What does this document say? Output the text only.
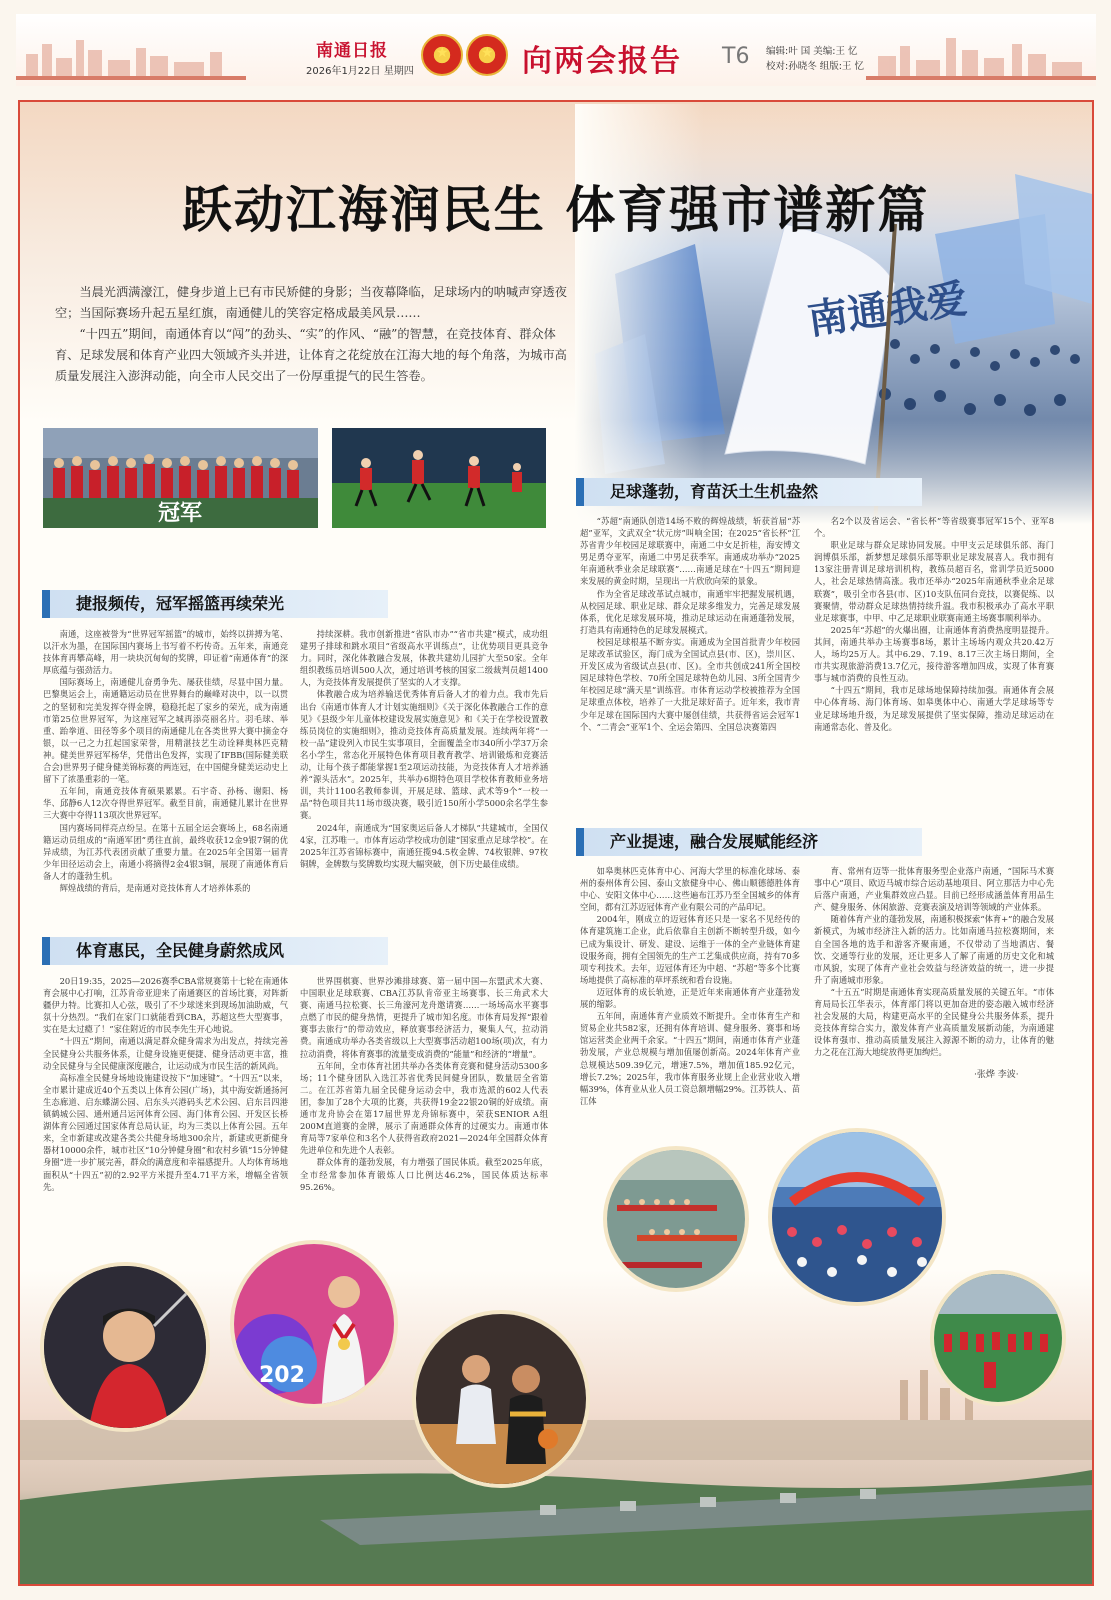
南通日报
2026年1月22日 星期四
★ ★ 向两会报告 T6 编辑:叶 国 美编:王 忆
校对:孙晓冬 组版:王 忆
跃动江海润民生 体育强市谱新篇

当晨光洒满濠江，健身步道上已有市民矫健的身影；当夜幕降临，足球场内的呐喊声穿透夜空；当国际赛场升起五星红旗，南通健儿的笑容定格成最美风景……

“十四五”期间，南通体育以“闯”的劲头、“实”的作风、“融”的智慧，在竞技体育、群众体育、足球发展和体育产业四大领域齐头并进，让体育之花绽放在江海大地的每个角落，为城市高质量发展注入澎湃动能，向全市人民交出了一份厚重提气的民生答卷。

冠军
捷报频传，冠军摇篮再续荣光

南通，这座被誉为“世界冠军摇篮”的城市，始终以拼搏为笔、以汗水为墨，在国际国内赛场上书写着不朽传奇。五年来，南通竞技体育再攀高峰，用一块块沉甸甸的奖牌，印证着“南通体育”的深厚底蕴与强劲活力。

国际赛场上，南通健儿奋勇争先、屡获佳绩，尽显中国力量。巴黎奥运会上，南通籍运动员在世界舞台的巅峰对决中，以一以贯之的坚韧和完美发挥夺得金牌，稳稳托起了家乡的荣光，成为南通市第25位世界冠军，为这座冠军之城再添亮丽名片。羽毛球、举重、跆拳道、田径等多个项目的南通健儿在各类世界大赛中摘金夺银，以一己之力扛起国家荣誉，用精湛技艺生动诠释奥林匹克精神。健美世界冠军杨华，凭借出色发挥，实现了IFBB(国际健美联合会)世界男子健身健美锦标赛的两连冠，在中国健身健美运动史上留下了浓墨重彩的一笔。

五年间，南通竞技体育硕果累累。石宇奇、孙杨、谢阳、杨华、邱静6人12次夺得世界冠军。截至目前，南通健儿累计在世界三大赛中夺得113项次世界冠军。

国内赛场同样亮点纷呈。在第十五届全运会赛场上，68名南通籍运动员组成的“南通军团”勇往直前，最终收获12金9银7铜的优异成绩，为江苏代表团贡献了重要力量。在2025年全国第一届青少年田径运动会上，南通小将摘得2金4银3铜，展现了南通体育后备人才的蓬勃生机。

辉煌战绩的背后，是南通对竞技体育人才培养体系的

持续深耕。我市创新推进“省队市办”“省市共建”模式，成功组建男子排球和跳水项目“省级高水平训练点”，让优势项目更具竞争力。同时，深化体教融合发展，体教共建幼儿园扩大至50家。全年组织教练员培训500人次，通过培训考核的国家二级裁判员超1400人，为竞技体育发展提供了坚实的人才支撑。

体教融合成为培养输送优秀体育后备人才的着力点。我市先后出台《南通市体育人才计划实施细则》《关于深化体教融合工作的意见》《县级少年儿童体校建设发展实施意见》和《关于在学校设置教练员岗位的实施细则》，推动竞技体育高质量发展。连续两年将“一校一品”建设列入市民生实事项目，全面覆盖全市340所小学37万余名小学生，常态化开展特色体育项目教育教学、培训锻炼和竞赛活动，让每个孩子都能掌握1至2项运动技能，为竞技体育人才培养涵养“源头活水”。2025年，共举办6期特色项目学校体育教师业务培训，共计1100名教师参训，开展足球、篮球、武术等9个“一校一品”特色项目共11场市级决赛，吸引近150所小学5000余名学生参赛。

2024年，南通成为“国家奥运后备人才梯队”共建城市，全国仅4家，江苏唯一。市体育运动学校成功创建“国家重点足球学校”。在2025年江苏省锦标赛中，南通狂揽94.5枚金牌、74枚银牌、97枚铜牌，金牌数与奖牌数均实现大幅突破，创下历史最佳成绩。

体育惠民，全民健身蔚然成风

20日19:35，2025—2026赛季CBA常规赛第十七轮在南通体育会展中心打响，江苏肯帝亚迎来了南通赛区的首场比赛，对阵新疆伊力特。比赛扣人心弦，吸引了不少球迷来到现场加油助威，气氛十分热烈。“我们在家门口就能看到CBA，苏超这些大型赛事，实在是太过瘾了！”家住附近的市民李先生开心地说。

“十四五”期间，南通以满足群众健身需求为出发点，持续完善全民健身公共服务体系，让健身设施更便捷、健身活动更丰富，推动全民健身与全民健康深度融合，让运动成为市民生活的新风尚。

高标准全民健身场地设施建设按下“加速键”。“十四五”以来，全市累计建成近40个五类以上体育公园(广场)，其中海安新通扬河生态廊道、启东蝶湖公园、启东头兴港码头艺术公园、启东吕四港镇鹤城公园、通州通吕运河体育公园、海门体育公园、开发区长桥湖体育公园通过国家体育总局认证，均为三类以上体育公园。五年来，全市新建或改建各类公共健身场地300余片，新建或更新健身器材10000余件，城市社区“10分钟健身圈”和农村乡镇“15分钟健身圈”进一步扩展完善，群众的满意度和幸福感提升。人均体育场地面积从“十四五”初的2.92平方米提升至4.71平方米，增幅全省领先。

世界围棋赛、世界沙滩排球赛、第一届中国—东盟武术大赛、中国职业足球联赛、CBA江苏队肯帝亚主场赛事、长三角武术大赛、南通马拉松赛、长三角濠河龙舟邀请赛……一场场高水平赛事点燃了市民的健身热情，更提升了城市知名度。市体育局发挥“跟着赛事去旅行”的带动效应，释放赛事经济活力，聚集人气，拉动消费。南通成功举办各类省级以上大型赛事活动超100场(项)次，有力拉动消费，将体育赛事的流量变成消费的“能量”和经济的“增量”。

五年间，全市体育社团共举办各类体育竞赛和健身活动5300多场；11个健身团队入选江苏省优秀民间健身团队，数量居全省第二。在江苏省第九届全民健身运动会中，我市选派的602人代表团，参加了28个大项的比赛，共获得19金22银20铜的好成绩。南通市龙舟协会在第17届世界龙舟锦标赛中，荣获SENIOR A组200M直道赛的金牌，展示了南通群众体育的过硬实力。南通市体育局等7家单位和3名个人获得省政府2021—2024年全国群众体育先进单位和先进个人表彰。

群众体育的蓬勃发展，有力增强了国民体质。截至2025年底，全市经常参加体育锻炼人口比例达46.2%，国民体质达标率95.26%。

足球蓬勃，育苗沃土生机盎然

“苏超”南通队创造14场不败的辉煌战绩，斩获首届“苏超”亚军，文武双全“状元房”叫响全国；在2025“省长杯”江苏省青少年校园足球联赛中，南通二中女足折桂，海安博文男足勇夺亚军，南通二中男足获季军。南通成功举办“2025年南通秋季业余足球联赛”……南通足球在“十四五”期间迎来发展的黄金时期，呈现出一片欣欣向荣的景象。

作为全省足球改革试点城市，南通牢牢把握发展机遇，从校园足球、职业足球、群众足球多维发力，完善足球发展体系，优化足球发展环境，推动足球运动在南通蓬勃发展，打造具有南通特色的足球发展模式。

校园足球根基不断夯实。南通成为全国首批青少年校园足球改革试验区，海门成为全国试点县(市、区)，崇川区、开发区成为省级试点县(市、区)。全市共创成241所全国校园足球特色学校、70所全国足球特色幼儿园、3所全国青少年校园足球“满天星”训练营。市体育运动学校被推荐为全国足球重点体校，培养了一大批足球好苗子。近年来，我市青少年足球在国际国内大赛中屡创佳绩，共获得省运会冠军1个、“二青会”亚军1个、全运会第四、全国总决赛第四

名2个以及省运会、“省长杯”等省级赛事冠军15个、亚军8个。

职业足球与群众足球协同发展。中甲支云足球俱乐部、海门润博俱乐部，新梦想足球俱乐部等职业足球发展喜人。我市拥有13家注册青训足球培训机构，教练员超百名，常训学员近5000人，社会足球热情高涨。我市还举办“2025年南通秋季业余足球联赛”，吸引全市各县(市、区)10支队伍同台竞技，以赛促练、以赛聚情，带动群众足球热情持续升温。我市积极承办了高水平职业足球赛事，中甲、中乙足球职业联赛南通主场赛事顺利举办。

2025年“苏超”的火爆出圈，让南通体育消费热度明显提升。其间，南通共举办主场赛事8场，累计主场场内观众共20.42万人，场均25万人。其中6.29、7.19、8.17三次主场日期间，全市共实现旅游消费13.7亿元，接待游客增加四成，实现了体育赛事与城市消费的良性互动。

“十四五”期间，我市足球场地保障持续加强。南通体育会展中心体育场、海门体育场、如皋奥体中心、南通大学足球场等专业足球场地升级，为足球发展提供了坚实保障，推动足球运动在南通常态化、普及化。

产业提速，融合发展赋能经济

如皋奥林匹克体育中心、河海大学里的标准化球场、泰州的泰州体育公园、泰山文旅健身中心、佛山顺德德胜体育中心、安阳文体中心……这些遍布江苏乃至全国城乡的体育空间，都有江苏迈冠体育产业有限公司的产品印记。

2004年，刚成立的迈冠体育还只是一家名不见经传的体育建筑施工企业，此后依靠自主创新不断转型升级，如今已成为集设计、研发、建设、运维于一体的全产业链体育建设服务商，拥有全国领先的生产工艺集成供应商，持有70多项专利技术。去年，迈冠体育还为中超、“苏超”等多个比赛场地提供了高标准的草坪系统和看台设施。

迈冠体育的成长轨迹，正是近年来南通体育产业蓬勃发展的缩影。

五年间，南通体育产业质效不断提升。全市体育生产和贸易企业共582家，还拥有体育培训、健身服务、赛事和场馆运营类企业两千余家。“十四五”期间，南通市体育产业蓬勃发展，产业总规模与增加值屡创新高。2024年体育产业总规模达509.39亿元，增速7.5%，增加值185.92亿元，增长7.2%；2025年，我市体育服务业规上企业营业收入增幅39%，体育业从业人员工资总额增幅29%。江苏铁人、苗江体

育、常州有迈等一批体育服务型企业落户南通，“国际马术赛事中心”项目、欧迈马城市综合运动基地项目、阿立那活力中心先后落户南通，产业集群效应凸显。目前已经形成涵盖体育用品生产、健身服务、休闲旅游、竞赛表演及培训等领域的产业体系。

随着体育产业的蓬勃发展，南通积极探索“体育+”的融合发展新模式，为城市经济注入新的活力。比如南通马拉松赛期间，来自全国各地的选手和游客齐聚南通，不仅带动了当地酒店、餐饮、交通等行业的发展，还让更多人了解了南通的历史文化和城市风貌，实现了体育产业社会效益与经济效益的统一，进一步提升了南通城市形象。

“十五五”时期是南通体育实现高质量发展的关键五年。“市体育局局长江华表示，体育部门将以更加奋进的姿态融入城市经济社会发展的大局，构建更高水平的全民健身公共服务体系，提升竞技体育综合实力，激发体育产业高质量发展新动能，为南通建设体育强市、推动高质量发展注入源源不断的动力，让体育的魅力之花在江海大地绽放得更加绚烂。

·张烨 李波·
202
